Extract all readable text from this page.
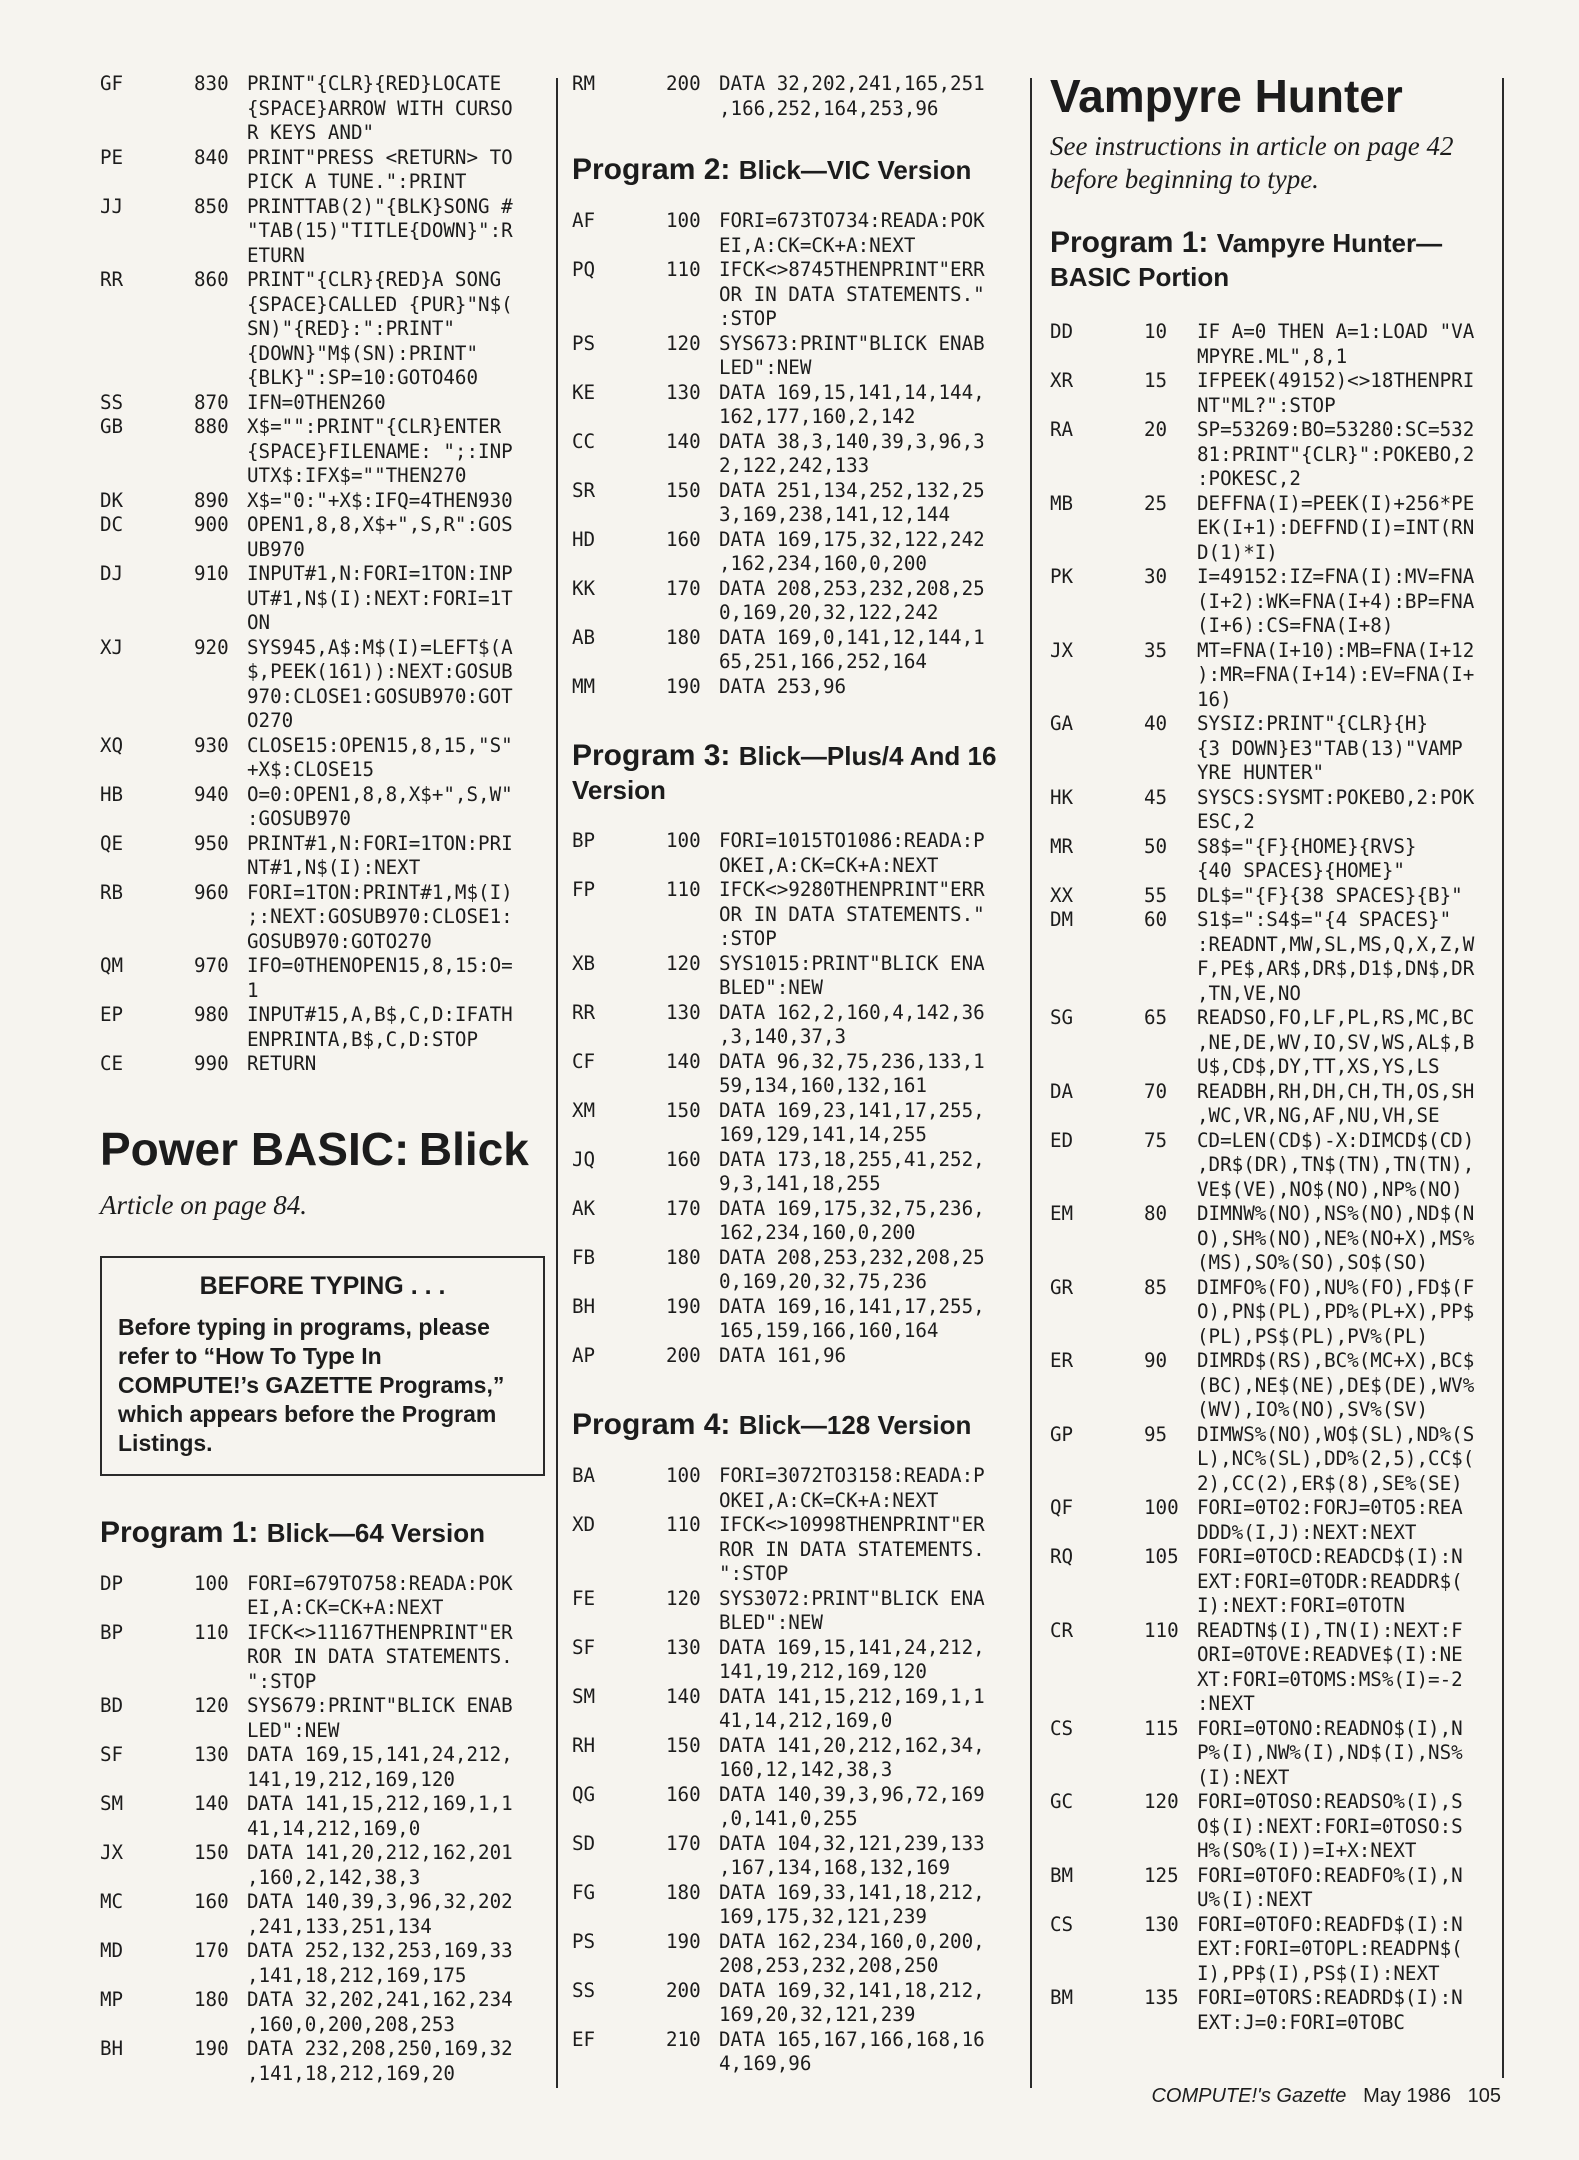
GF	830 PRINT"{CLR}{RED}LOCATE
{SPACE}ARROW WITH CURSO
R KEYS AND"
PE	840 PRINT"PRESS <RETURN> TO
PICK A TUNE.":PRINT
JJ	850 PRINTTAB(2)"{BLK}SONG #
"TAB(15)"TITLE{DOWN}":R
ETURN
RR	860 PRINT"{CLR}{RED}A SONG
{SPACE}CALLED {PUR}"N$(
SN)"{RED}:":PRINT"
{DOWN}"M$(SN):PRINT"
{BLK}":SP=10:GOTO460
SS	870 IFN=0THEN260
GB	880 X$="":PRINT"{CLR}ENTER
{SPACE}FILENAME: ";:INP
UTX$:IFX$=""THEN270
DK	890 X$="0:"+X$:IFQ=4THEN930
DC	900 OPEN1,8,8,X$+",S,R":GOS
UB970
DJ	910 INPUT#1,N:FORI=1TON:INP
UT#1,N$(I):NEXT:FORI=1T
ON
XJ	920 SYS945,A$:M$(I)=LEFT$(A
$,PEEK(161)):NEXT:GOSUB
970:CLOSE1:GOSUB970:GOT
O270
XQ	930 CLOSE15:OPEN15,8,15,"S"
+X$:CLOSE15
HB	940 O=0:OPEN1,8,8,X$+",S,W"
:GOSUB970
QE	950 PRINT#1,N:FORI=1TON:PRI
NT#1,N$(I):NEXT
RB	960 FORI=1TON:PRINT#1,M$(I)
;:NEXT:GOSUB970:CLOSE1:
GOSUB970:GOTO270
QM	970 IFO=0THENOPEN15,8,15:O=
1
EP	980 INPUT#15,A,B$,C,D:IFATH
ENPRINTA,B$,C,D:STOP
CE	990 RETURN
Power BASIC: Blick
Article on page 84.
BEFORE TYPING . . .
Before typing in programs, please refer to “How To Type In COMPUTE!’s GAZETTE Programs,” which appears before the Program Listings.
Program 1: Blick—64 Version
DP	100 FORI=679TO758:READA:POK
EI,A:CK=CK+A:NEXT
BP	110 IFCK<>11167THENPRINT"ER
ROR IN DATA STATEMENTS.
":STOP
BD	120 SYS679:PRINT"BLICK ENAB
LED":NEW
SF	130 DATA 169,15,141,24,212,
141,19,212,169,120
SM	140 DATA 141,15,212,169,1,1
41,14,212,169,0
JX	150 DATA 141,20,212,162,201
,160,2,142,38,3
MC	160 DATA 140,39,3,96,32,202
,241,133,251,134
MD	170 DATA 252,132,253,169,33
,141,18,212,169,175
MP	180 DATA 32,202,241,162,234
,160,0,200,208,253
BH	190 DATA 232,208,250,169,32
,141,18,212,169,20
RM	200 DATA 32,202,241,165,251
,166,252,164,253,96
Program 2: Blick—VIC Version
AF	100 FORI=673TO734:READA:POK
EI,A:CK=CK+A:NEXT
PQ	110 IFCK<>8745THENPRINT"ERR
OR IN DATA STATEMENTS."
:STOP
PS	120 SYS673:PRINT"BLICK ENAB
LED":NEW
KE	130 DATA 169,15,141,14,144,
162,177,160,2,142
CC	140 DATA 38,3,140,39,3,96,3
2,122,242,133
SR	150 DATA 251,134,252,132,25
3,169,238,141,12,144
HD	160 DATA 169,175,32,122,242
,162,234,160,0,200
KK	170 DATA 208,253,232,208,25
0,169,20,32,122,242
AB	180 DATA 169,0,141,12,144,1
65,251,166,252,164
MM	190 DATA 253,96
Program 3: Blick—Plus/4 And 16 Version
BP	100 FORI=1015TO1086:READA:P
OKEI,A:CK=CK+A:NEXT
FP	110 IFCK<>9280THENPRINT"ERR
OR IN DATA STATEMENTS."
:STOP
XB	120 SYS1015:PRINT"BLICK ENA
BLED":NEW
RR	130 DATA 162,2,160,4,142,36
,3,140,37,3
CF	140 DATA 96,32,75,236,133,1
59,134,160,132,161
XM	150 DATA 169,23,141,17,255,
169,129,141,14,255
JQ	160 DATA 173,18,255,41,252,
9,3,141,18,255
AK	170 DATA 169,175,32,75,236,
162,234,160,0,200
FB	180 DATA 208,253,232,208,25
0,169,20,32,75,236
BH	190 DATA 169,16,141,17,255,
165,159,166,160,164
AP	200 DATA 161,96
Program 4: Blick—128 Version
BA	100 FORI=3072TO3158:READA:P
OKEI,A:CK=CK+A:NEXT
XD	110 IFCK<>10998THENPRINT"ER
ROR IN DATA STATEMENTS.
":STOP
FE	120 SYS3072:PRINT"BLICK ENA
BLED":NEW
SF	130 DATA 169,15,141,24,212,
141,19,212,169,120
SM	140 DATA 141,15,212,169,1,1
41,14,212,169,0
RH	150 DATA 141,20,212,162,34,
160,12,142,38,3
QG	160 DATA 140,39,3,96,72,169
,0,141,0,255
SD	170 DATA 104,32,121,239,133
,167,134,168,132,169
FG	180 DATA 169,33,141,18,212,
169,175,32,121,239
PS	190 DATA 162,234,160,0,200,
208,253,232,208,250
SS	200 DATA 169,32,141,18,212,
169,20,32,121,239
EF	210 DATA 165,167,166,168,16
4,169,96
Vampyre Hunter
See instructions in article on page 42 before beginning to type.
Program 1: Vampyre Hunter—BASIC Portion
DD	10	IF A=0 THEN A=1:LOAD "VA
MPYRE.ML",8,1
XR	15	IFPEEK(49152)<>18THENPRI
NT"ML?":STOP
RA	20	SP=53269:BO=53280:SC=532
81:PRINT"{CLR}":POKEBO,2
:POKESC,2
MB	25	DEFFNA(I)=PEEK(I)+256*PE
EK(I+1):DEFFND(I)=INT(RN
D(1)*I)
PK	30	I=49152:IZ=FNA(I):MV=FNA
(I+2):WK=FNA(I+4):BP=FNA
(I+6):CS=FNA(I+8)
JX	35	MT=FNA(I+10):MB=FNA(I+12
):MR=FNA(I+14):EV=FNA(I+
16)
GA	40	SYSIZ:PRINT"{CLR}{H}
{3 DOWN}E3"TAB(13)"VAMP
YRE HUNTER"
HK	45	SYSCS:SYSMT:POKEBO,2:POK
ESC,2
MR	50	S8$="{F}{HOME}{RVS}
{40 SPACES}{HOME}"
XX	55	DL$="{F}{38 SPACES}{B}"
DM	60	S1$=":S4$="{4 SPACES}"
:READNT,MW,SL,MS,Q,X,Z,W
F,PE$,AR$,DR$,D1$,DN$,DR
,TN,VE,NO
SG	65	READSO,FO,LF,PL,RS,MC,BC
,NE,DE,WV,IO,SV,WS,AL$,B
U$,CD$,DY,TT,XS,YS,LS
DA	70	READBH,RH,DH,CH,TH,OS,SH
,WC,VR,NG,AF,NU,VH,SE
ED	75	CD=LEN(CD$)-X:DIMCD$(CD)
,DR$(DR),TN$(TN),TN(TN),
VE$(VE),NO$(NO),NP%(NO)
EM	80	DIMNW%(NO),NS%(NO),ND$(N
O),SH%(NO),NE%(NO+X),MS%
(MS),SO%(SO),SO$(SO)
GR	85	DIMFO%(FO),NU%(FO),FD$(F
O),PN$(PL),PD%(PL+X),PP$
(PL),PS$(PL),PV%(PL)
ER	90	DIMRD$(RS),BC%(MC+X),BC$
(BC),NE$(NE),DE$(DE),WV%
(WV),IO%(NO),SV%(SV)
GP	95	DIMWS%(NO),WO$(SL),ND%(S
L),NC%(SL),DD%(2,5),CC$(
2),CC(2),ER$(8),SE%(SE)
QF	100 FORI=0TO2:FORJ=0TO5:REA
DDD%(I,J):NEXT:NEXT
RQ	105 FORI=0TOCD:READCD$(I):N
EXT:FORI=0TODR:READDR$(
I):NEXT:FORI=0TOTN
CR	110 READTN$(I),TN(I):NEXT:F
ORI=0TOVE:READVE$(I):NE
XT:FORI=0TOMS:MS%(I)=-2
:NEXT
CS	115 FORI=0TONO:READNO$(I),N
P%(I),NW%(I),ND$(I),NS%
(I):NEXT
GC	120 FORI=0TOSO:READSO%(I),S
O$(I):NEXT:FORI=0TOSO:S
H%(SO%(I))=I+X:NEXT
BM	125 FORI=0TOFO:READFO%(I),N
U%(I):NEXT
CS	130 FORI=0TOFO:READFD$(I):N
EXT:FORI=0TOPL:READPN$(
I),PP$(I),PS$(I):NEXT
BM	135 FORI=0TORS:READRD$(I):N
EXT:J=0:FORI=0TOBC
COMPUTE!'s Gazette May 1986 105
